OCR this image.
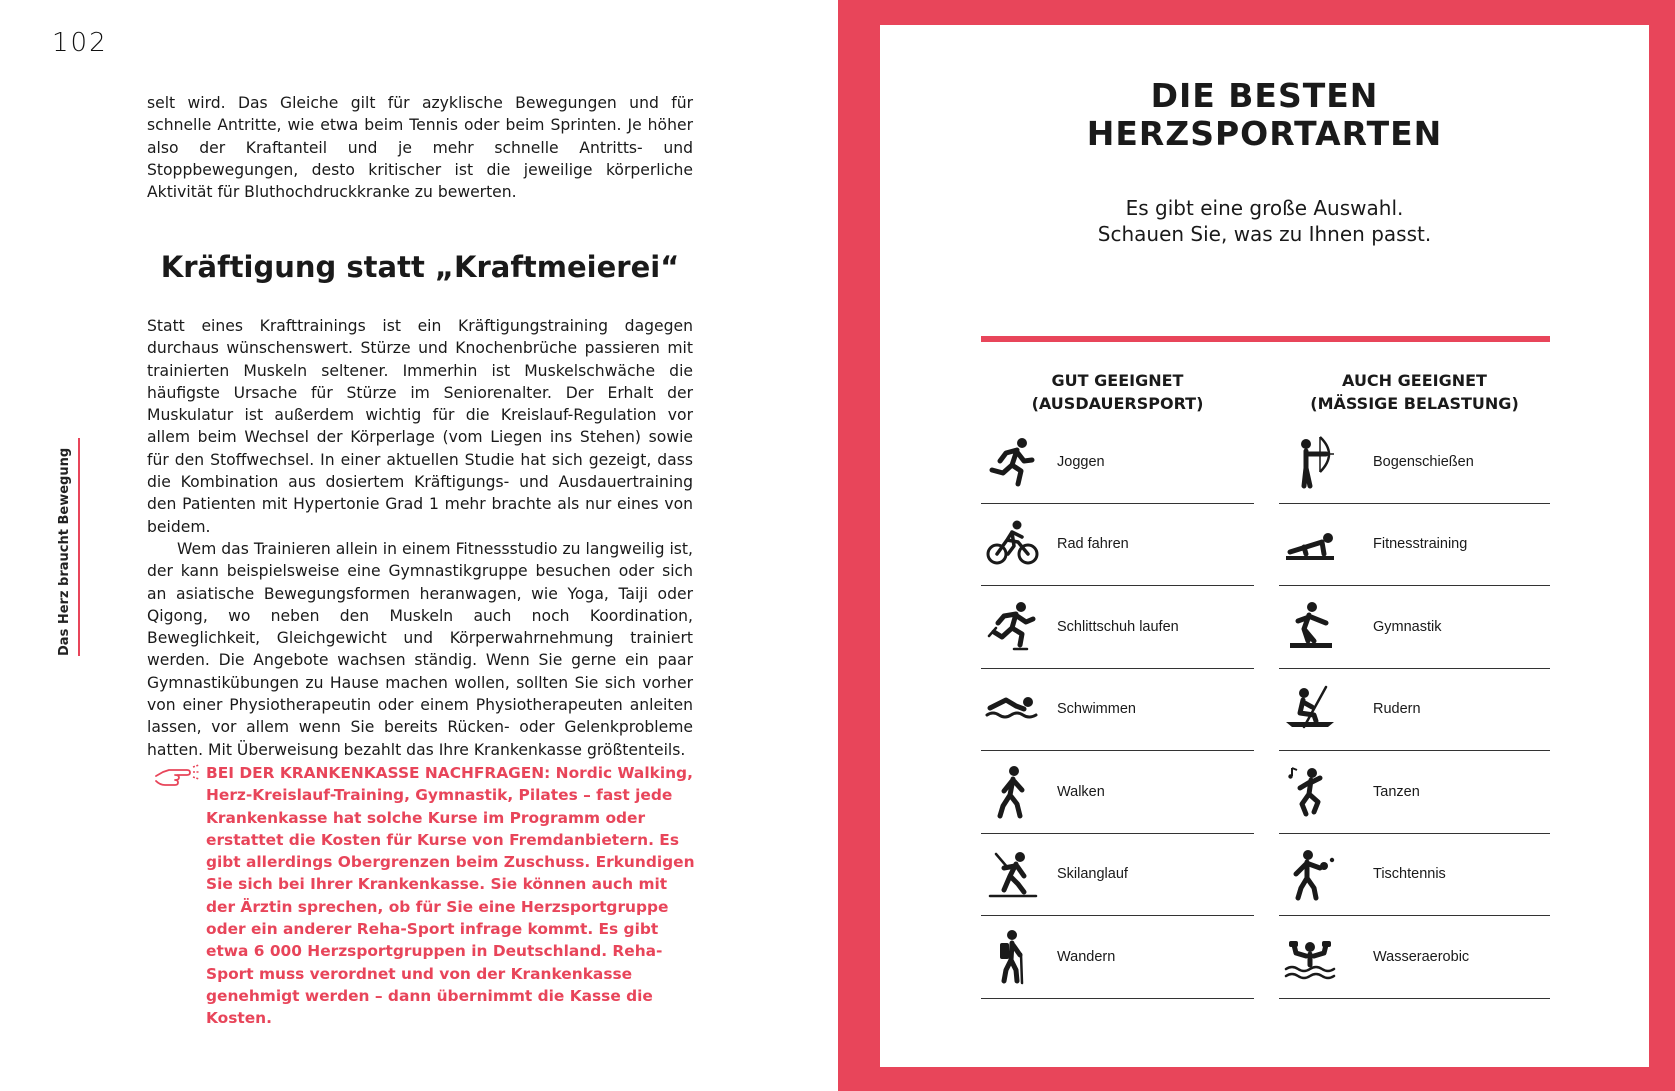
102
Das Herz braucht Bewegung

selt wird. Das Gleiche gilt für azyklische Bewegungen und für schnelle Antritte, wie etwa beim Tennis oder beim Sprinten. Je höher also der Kraftanteil und je mehr schnelle Antritts- und Stoppbewegungen, desto kritischer ist die jeweilige körperliche Aktivität für Bluthochdruckkranke zu bewerten.

Kräftigung statt „Kraftmeierei“

Statt eines Krafttrainings ist ein Kräftigungstraining dagegen durchaus wünschenswert. Stürze und Knochenbrüche passieren mit trainierten Muskeln seltener. Immerhin ist Muskelschwäche die häufigste Ursache für Stürze im Seniorenalter. Der Erhalt der Muskulatur ist außerdem wichtig für die Kreislauf-Regulation vor allem beim Wechsel der Körperlage (vom Liegen ins Stehen) sowie für den Stoffwechsel. In einer aktuellen Studie hat sich gezeigt, dass die Kombination aus dosiertem Kräftigungs- und Ausdauertraining den Patienten mit Hypertonie Grad 1 mehr brachte als nur eines von beidem.

Wem das Trainieren allein in einem Fitnessstudio zu langweilig ist, der kann beispielsweise eine Gymnastikgruppe besuchen oder sich an asiatische Bewegungsformen heranwagen, wie Yoga, Taiji oder Qigong, wo neben den Muskeln auch noch Koordination, Beweglichkeit, Gleichgewicht und Körperwahrnehmung trainiert werden. Die Angebote wachsen ständig. Wenn Sie gerne ein paar Gymnastikübungen zu Hause machen wollen, sollten Sie sich vorher von einer Physiotherapeutin oder einem Physiotherapeuten anleiten lassen, vor allem wenn Sie bereits Rücken- oder Gelenkprobleme hatten. Mit Überweisung bezahlt das Ihre Krankenkasse größtenteils.

BEI DER KRANKENKASSE NACHFRAGEN: Nordic Walking, Herz-Kreislauf-Training, Gymnastik, Pilates – fast jede Krankenkasse hat solche Kurse im Programm oder erstattet die Kosten für Kurse von Fremdanbietern. Es gibt allerdings Obergrenzen beim Zuschuss. Erkundigen Sie sich bei Ihrer Krankenkasse. Sie können auch mit der Ärztin sprechen, ob für Sie eine Herzsportgruppe oder ein anderer Reha-Sport infrage kommt. Es gibt etwa 6 000 Herzsportgruppen in Deutschland. Reha-Sport muss verordnet und von der Krankenkasse genehmigt werden – dann übernimmt die Kasse die Kosten.
DIE BESTEN
HERZSPORTARTEN
Es gibt eine große Auswahl.
Schauen Sie, was zu Ihnen passt.
GUT GEEIGNET
(AUSDAUERSPORT)
Joggen
Rad fahren
Schlittschuh laufen
Schwimmen
Walken
Skilanglauf
Wandern
AUCH GEEIGNET
(MÄSSIGE BELASTUNG)
Bogenschießen
Fitnesstraining
Gymnastik
Rudern
Tanzen
Tischtennis
Wasseraerobic
